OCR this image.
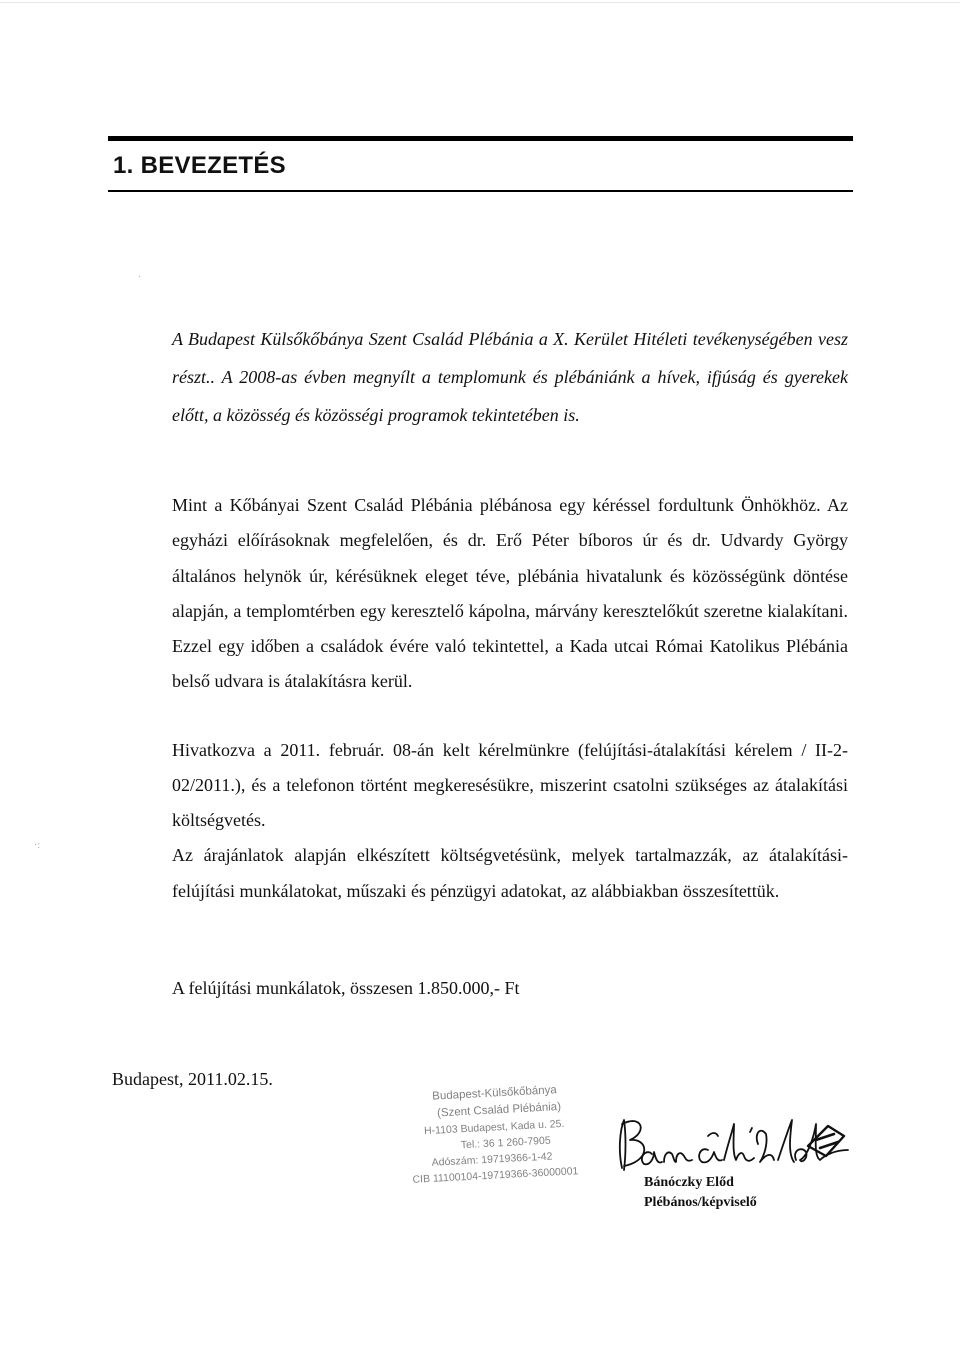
1. BEVEZETÉS
·
·:

A Budapest Külsőkőbánya Szent Család Plébánia a X. Kerület Hitéleti tevékenységében vesz részt.. A 2008-as évben megnyílt a templomunk és plébániánk a hívek, ifjúság és gyerekek előtt, a közösség és közösségi programok tekintetében is.

Mint a Kőbányai Szent Család Plébánia plébánosa egy kéréssel fordultunk Önhökhöz. Az egyházi előírásoknak megfelelően, és dr. Erő Péter bíboros úr és dr. Udvardy György általános helynök úr, kérésüknek eleget téve, plébánia hivatalunk és közösségünk döntése alapján, a templomtérben egy keresztelő kápolna, márvány keresztelőkút szeretne kialakítani. Ezzel egy időben a családok évére való tekintettel, a Kada utcai Római Katolikus Plébánia belső udvara is átalakításra kerül.

Hivatkozva a 2011. február. 08-án kelt kérelmünkre (felújítási-átalakítási kérelem / II-2-02/2011.), és a telefonon történt megkeresésükre, miszerint csatolni szükséges az átalakítási költségvetés.

Az árajánlatok alapján elkészített költségvetésünk, melyek tartalmazzák, az átalakítási-felújítási munkálatokat, műszaki és pénzügyi adatokat, az alábbiakban összesítettük.

A felújítási munkálatok, összesen 1.850.000,- Ft

Budapest, 2011.02.15.

Budapest-Külsőkőbánya
(Szent Család Plébánia)
H-1103 Budapest, Kada u. 25.
Tel.: 36 1 260-7905
Adószám: 19719366-1-42
CIB 11100104-19719366-36000001	Bánóczky Előd
Plébános/képviselő
